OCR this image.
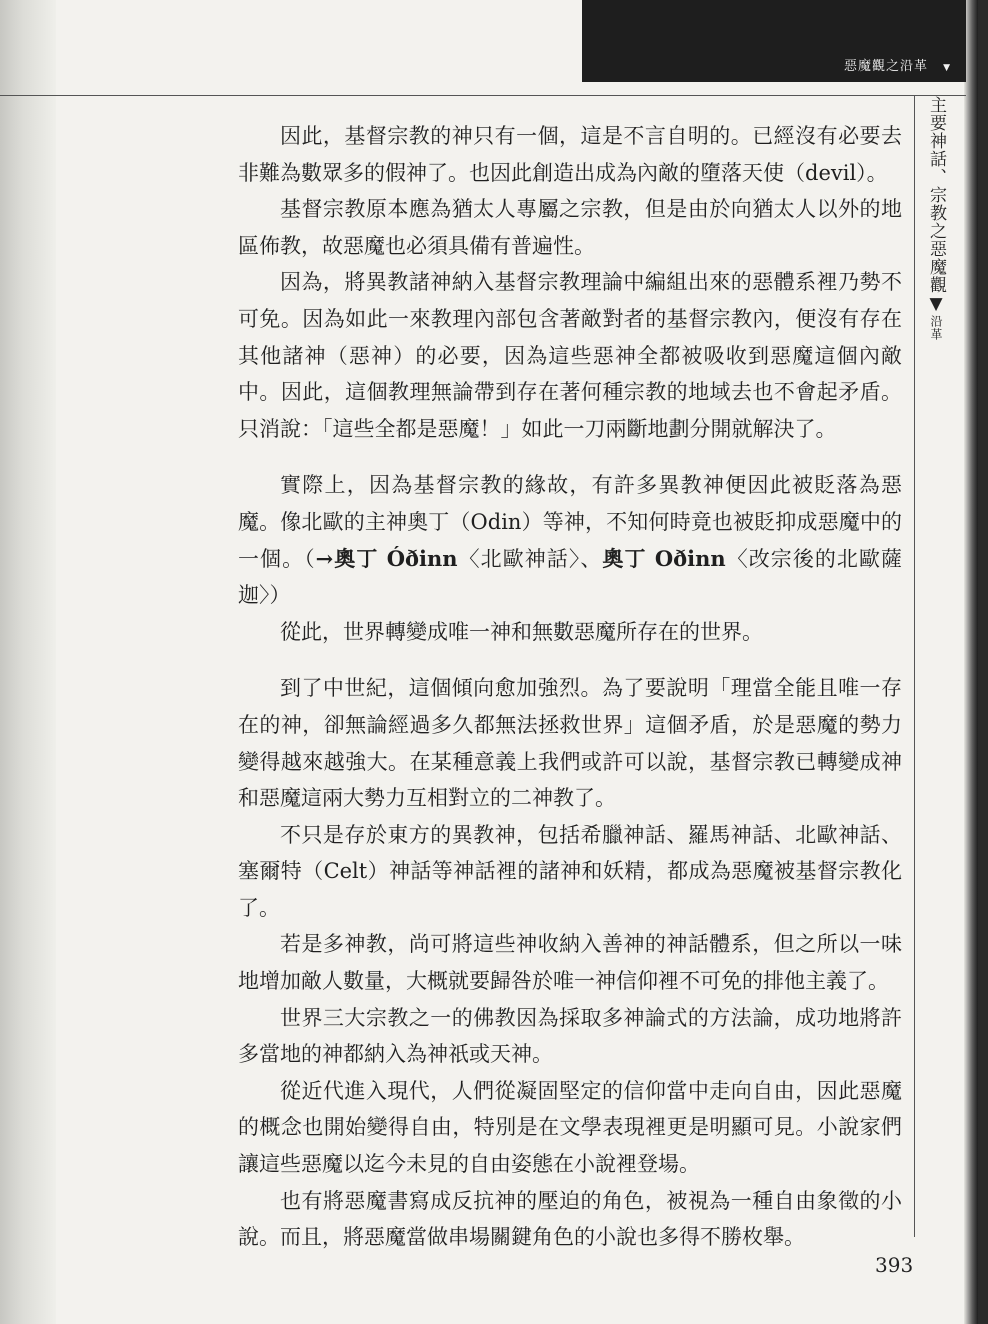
惡魔觀之沿革 ▼
主要神話、宗教之惡魔觀▼沿革

因此，基督宗教的神只有一個，這是不言自明的。已經沒有必要去非難為數眾多的假神了。也因此創造出成為內敵的墮落天使（devil）。

基督宗教原本應為猶太人專屬之宗教，但是由於向猶太人以外的地區佈教，故惡魔也必須具備有普遍性。

因為，將異教諸神納入基督宗教理論中編組出來的惡體系裡乃勢不可免。因為如此一來教理內部包含著敵對者的基督宗教內，便沒有存在其他諸神（惡神）的必要，因為這些惡神全都被吸收到惡魔這個內敵中。因此，這個教理無論帶到存在著何種宗教的地域去也不會起矛盾。只消說：「這些全都是惡魔！」如此一刀兩斷地劃分開就解決了。

實際上，因為基督宗教的緣故，有許多異教神便因此被貶落為惡魔。像北歐的主神奧丁（Odin）等神，不知何時竟也被貶抑成惡魔中的一個。（→奧丁 Óðinn〈北歐神話〉、奧丁 Oðinn〈改宗後的北歐薩迦〉）

從此，世界轉變成唯一神和無數惡魔所存在的世界。

到了中世紀，這個傾向愈加強烈。為了要說明「理當全能且唯一存在的神，卻無論經過多久都無法拯救世界」這個矛盾，於是惡魔的勢力變得越來越強大。在某種意義上我們或許可以說，基督宗教已轉變成神和惡魔這兩大勢力互相對立的二神教了。

不只是存於東方的異教神，包括希臘神話、羅馬神話、北歐神話、塞爾特（Celt）神話等神話裡的諸神和妖精，都成為惡魔被基督宗教化了。

若是多神教，尚可將這些神收納入善神的神話體系，但之所以一味地增加敵人數量，大概就要歸咎於唯一神信仰裡不可免的排他主義了。

世界三大宗教之一的佛教因為採取多神論式的方法論，成功地將許多當地的神都納入為神祇或天神。

從近代進入現代，人們從凝固堅定的信仰當中走向自由，因此惡魔的概念也開始變得自由，特別是在文學表現裡更是明顯可見。小說家們讓這些惡魔以迄今未見的自由姿態在小說裡登場。

也有將惡魔書寫成反抗神的壓迫的角色，被視為一種自由象徵的小說。而且，將惡魔當做串場關鍵角色的小說也多得不勝枚舉。

393
